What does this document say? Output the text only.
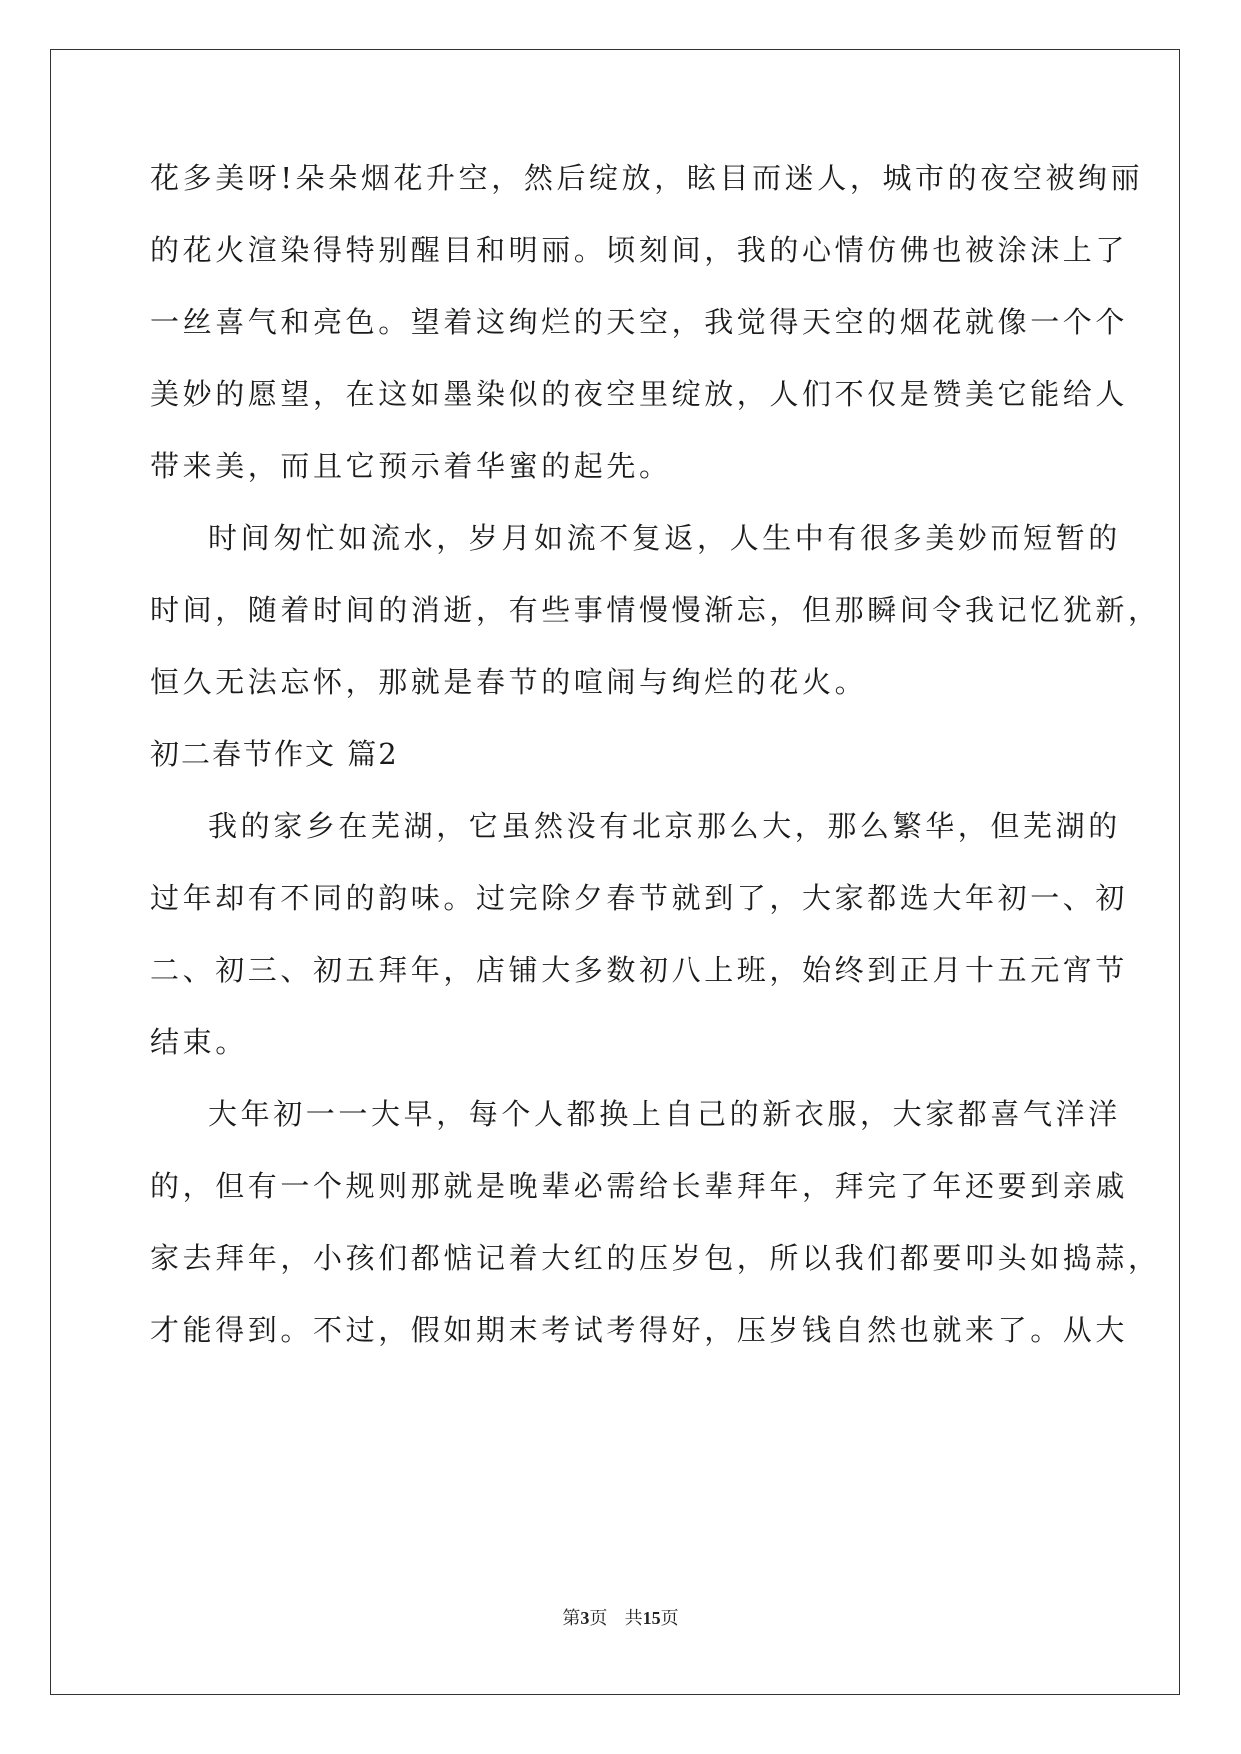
花多美呀!朵朵烟花升空，然后绽放，眩目而迷人，城市的夜空被绚丽
的花火渲染得特别醒目和明丽。顷刻间，我的心情仿佛也被涂沫上了
一丝喜气和亮色。望着这绚烂的天空，我觉得天空的烟花就像一个个
美妙的愿望，在这如墨染似的夜空里绽放，人们不仅是赞美它能给人
带来美，而且它预示着华蜜的起先。
时间匆忙如流水，岁月如流不复返，人生中有很多美妙而短暂的
时间，随着时间的消逝，有些事情慢慢渐忘，但那瞬间令我记忆犹新，
恒久无法忘怀，那就是春节的喧闹与绚烂的花火。
初二春节作文 篇2
我的家乡在芜湖，它虽然没有北京那么大，那么繁华，但芜湖的
过年却有不同的韵味。过完除夕春节就到了，大家都选大年初一、初
二、初三、初五拜年，店铺大多数初八上班，始终到正月十五元宵节
结束。
大年初一一大早，每个人都换上自己的新衣服，大家都喜气洋洋
的，但有一个规则那就是晚辈必需给长辈拜年，拜完了年还要到亲戚
家去拜年，小孩们都惦记着大红的压岁包，所以我们都要叩头如捣蒜，
才能得到。不过，假如期末考试考得好，压岁钱自然也就来了。从大
第3页 共15页
